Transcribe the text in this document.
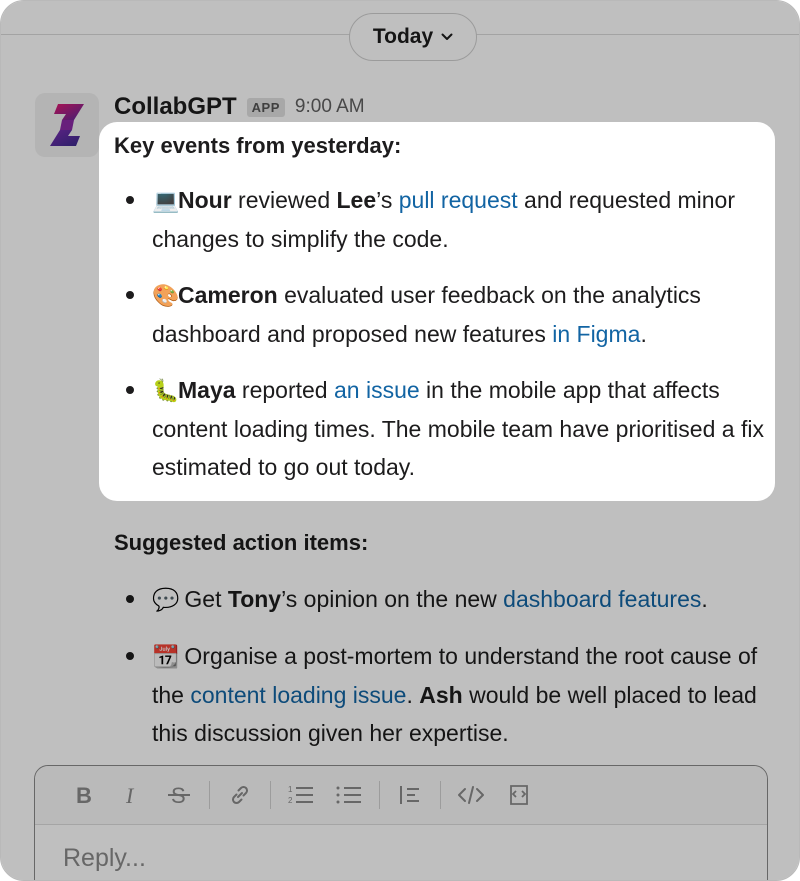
Today
CollabGPT	APP 9:00 AM

Key events from yesterday:

💻Nour reviewed Lee’s pull request and requested minor changes to simplify the code.
🎨Cameron evaluated user feedback on the analytics dashboard and proposed new features in Figma.
🐛Maya reported an issue in the mobile app that affects content loading times. The mobile team have prioritised a fix estimated to go out today.

Suggested action items:

💬 Get Tony’s opinion on the new dashboard features.
📆 Organise a post-mortem to understand the root cause of the content loading issue. Ash would be well placed to lead this discussion given her expertise.
B I S	1
2
Reply...
